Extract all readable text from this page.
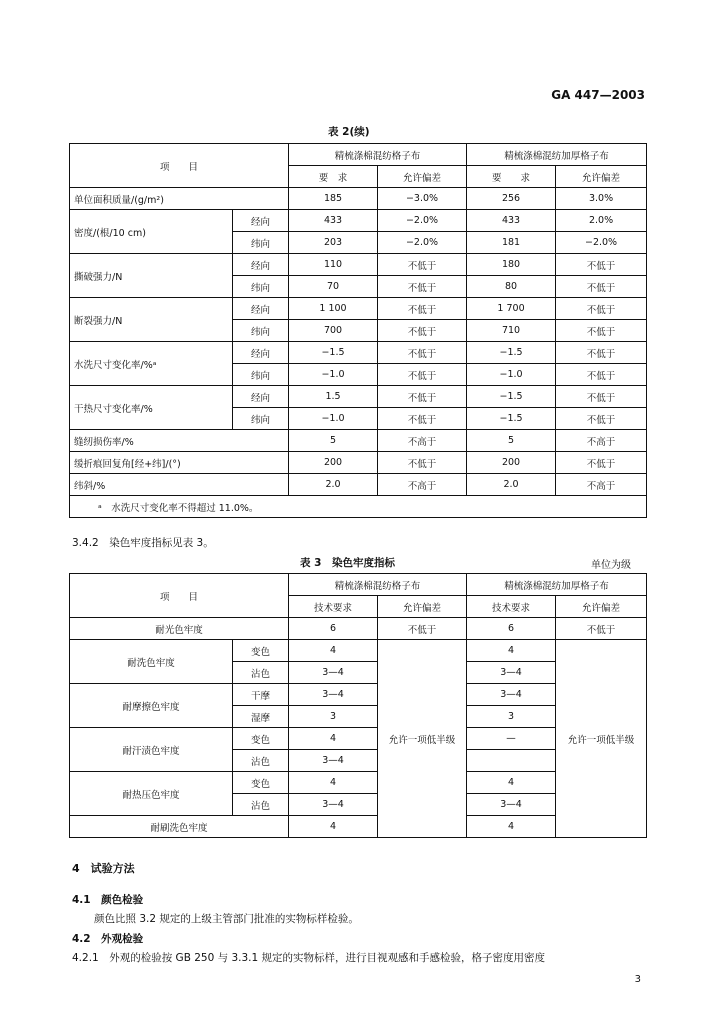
GA 447—2003
表 2(续)
项　　目		精梳涤棉混纺格子布		精梳涤棉混纺加厚格子布	
		要　求	允许偏差	要　　求	允许偏差
单位面积质量/(g/m²)		185	−3.0%	256	3.0%
密度/(根/10 cm)	经向	433	−2.0%	433	2.0%
	纬向	203	−2.0%	181	−2.0%
撕破强力/N	经向	110	不低于	180	不低于
	纬向	70	不低于	80	不低于
断裂强力/N	经向	1 100	不低于	1 700	不低于
	纬向	700	不低于	710	不低于
水洗尺寸变化率/%ᵃ	经向	−1.5	不低于	−1.5	不低于
	纬向	−1.0	不低于	−1.0	不低于
干热尺寸变化率/%	经向	1.5	不低于	−1.5	不低于
	纬向	−1.0	不低于	−1.5	不低于
缝纫损伤率/%		5	不高于	5	不高于
缓折痕回复角[经+纬]/(°)		200	不低于	200	不低于
纬斜/%		2.0	不高于	2.0	不高于
ᵃ　水洗尺寸变化率不得超过 11.0%。					
3.4.2　染色牢度指标见表 3。
表 3　染色牢度指标	单位为级
项　　目		精梳涤棉混纺格子布		精梳涤棉混纺加厚格子布	
		技术要求	允许偏差	技术要求	允许偏差
耐光色牢度		6	不低于	6	不低于
耐洗色牢度	变色	4	允许一项低半级	4	允许一项低半级
	沾色	3—4		3—4	
耐摩擦色牢度	干摩	3—4		3—4	
	湿摩	3		3	
耐汗渍色牢度	变色	4		—	
	沾色	3—4			
耐热压色牢度	变色	4		4	
	沾色	3—4		3—4	
耐刷洗色牢度		4		4	
4　试验方法
4.1　颜色检验
颜色比照 3.2 规定的上级主管部门批准的实物标样检验。
4.2　外观检验
4.2.1　外观的检验按 GB 250 与 3.3.1 规定的实物标样，进行目视观感和手感检验，格子密度用密度
3
